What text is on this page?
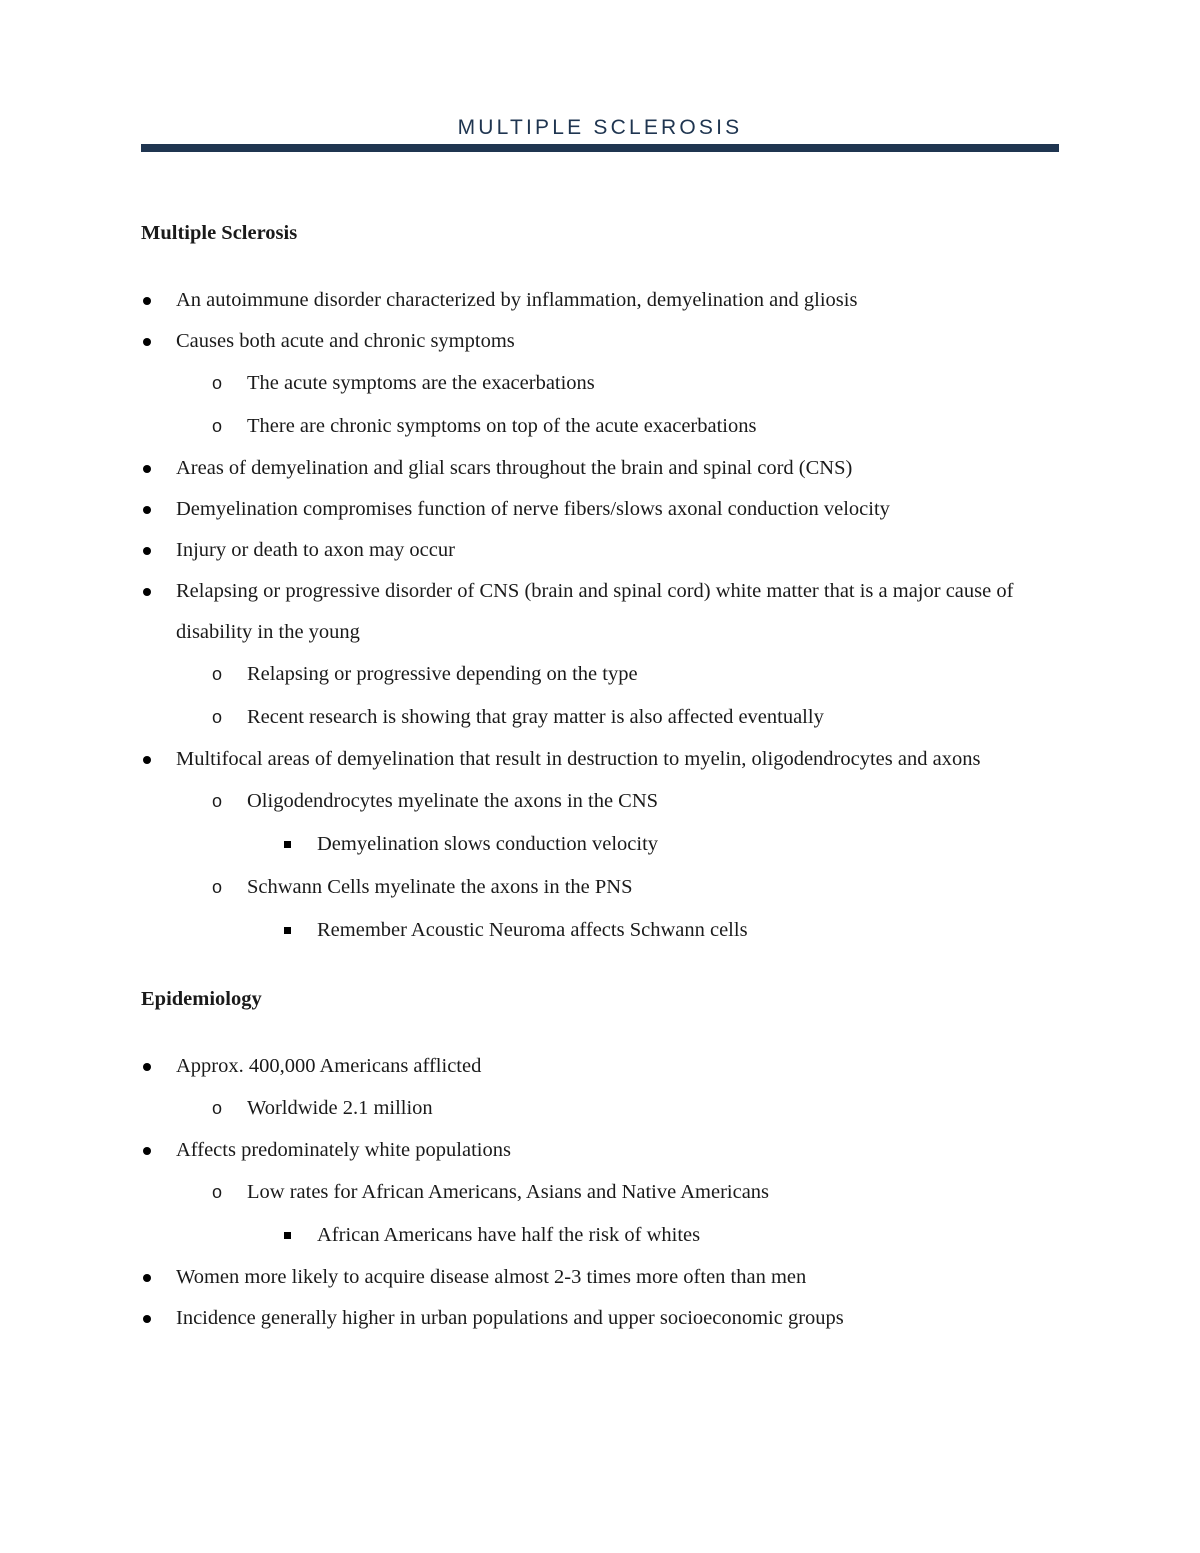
MULTIPLE SCLEROSIS
Multiple Sclerosis
An autoimmune disorder characterized by inflammation, demyelination and gliosis
Causes both acute and chronic symptoms
o The acute symptoms are the exacerbations
o There are chronic symptoms on top of the acute exacerbations
Areas of demyelination and glial scars throughout the brain and spinal cord (CNS)
Demyelination compromises function of nerve fibers/slows axonal conduction velocity
Injury or death to axon may occur
Relapsing or progressive disorder of CNS (brain and spinal cord) white matter that is a major cause of disability in the young
o Relapsing or progressive depending on the type
o Recent research is showing that gray matter is also affected eventually
Multifocal areas of demyelination that result in destruction to myelin, oligodendrocytes and axons
o Oligodendrocytes myelinate the axons in the CNS
Demyelination slows conduction velocity
o Schwann Cells myelinate the axons in the PNS
Remember Acoustic Neuroma affects Schwann cells
Epidemiology
Approx. 400,000 Americans afflicted
o Worldwide 2.1 million
Affects predominately white populations
o Low rates for African Americans, Asians and Native Americans
African Americans have half the risk of whites
Women more likely to acquire disease almost 2-3 times more often than men
Incidence generally higher in urban populations and upper socioeconomic groups
